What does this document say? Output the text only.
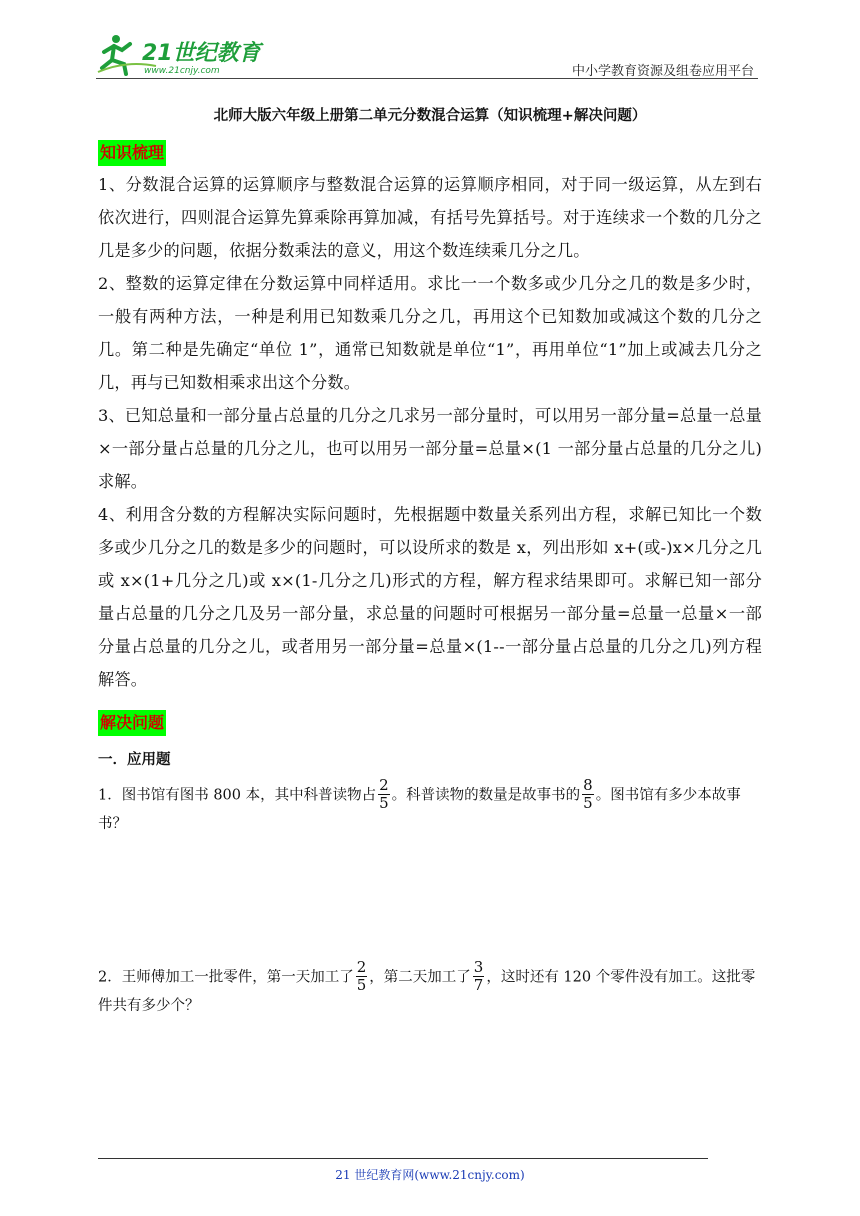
21世纪教育
www.21cnjy.com	中小学教育资源及组卷应用平台
北师大版六年级上册第二单元分数混合运算（知识梳理+解决问题）
知识梳理

1、分数混合运算的运算顺序与整数混合运算的运算顺序相同，对于同一级运算，从左到右依次进行，四则混合运算先算乘除再算加减，有括号先算括号。对于连续求一个数的几分之几是多少的问题，依据分数乘法的意义，用这个数连续乘几分之几。

2、整数的运算定律在分数运算中同样适用。求比一一个数多或少几分之几的数是多少时，一般有两种方法，一种是利用已知数乘几分之几，再用这个已知数加或减这个数的几分之几。第二种是先确定“单位 1”，通常已知数就是单位“1”，再用单位“1”加上或减去几分之几，再与已知数相乘求出这个分数。

3、已知总量和一部分量占总量的几分之几求另一部分量时，可以用另一部分量=总量一总量×一部分量占总量的几分之儿，也可以用另一部分量=总量×(1 一部分量占总量的几分之儿)求解。

4、利用含分数的方程解决实际问题时，先根据题中数量关系列出方程，求解已知比一个数多或少几分之几的数是多少的问题时，可以设所求的数是 x，列出形如 x+(或-)x×几分之几或 x×(1+几分之几)或 x×(1-几分之几)形式的方程，解方程求结果即可。求解已知一部分量占总量的几分之几及另一部分量，求总量的问题时可根据另一部分量=总量一总量×一部分量占总量的几分之儿，或者用另一部分量=总量×(1--一部分量占总量的几分之几)列方程解答。

解决问题
一．应用题
1．图书馆有图书 800 本，其中科普读物占 $\frac{2}{5}$ 。科普读物的数量是故事书的 $\frac{8}{5}$ 。图书馆有多少本故事书？
2．王师傅加工一批零件，第一天加工了 $\frac{2}{5}$ ，第二天加工了 $\frac{3}{7}$ ，这时还有 120 个零件没有加工。这批零件共有多少个？
21 世纪教育网(www.21cnjy.com)
